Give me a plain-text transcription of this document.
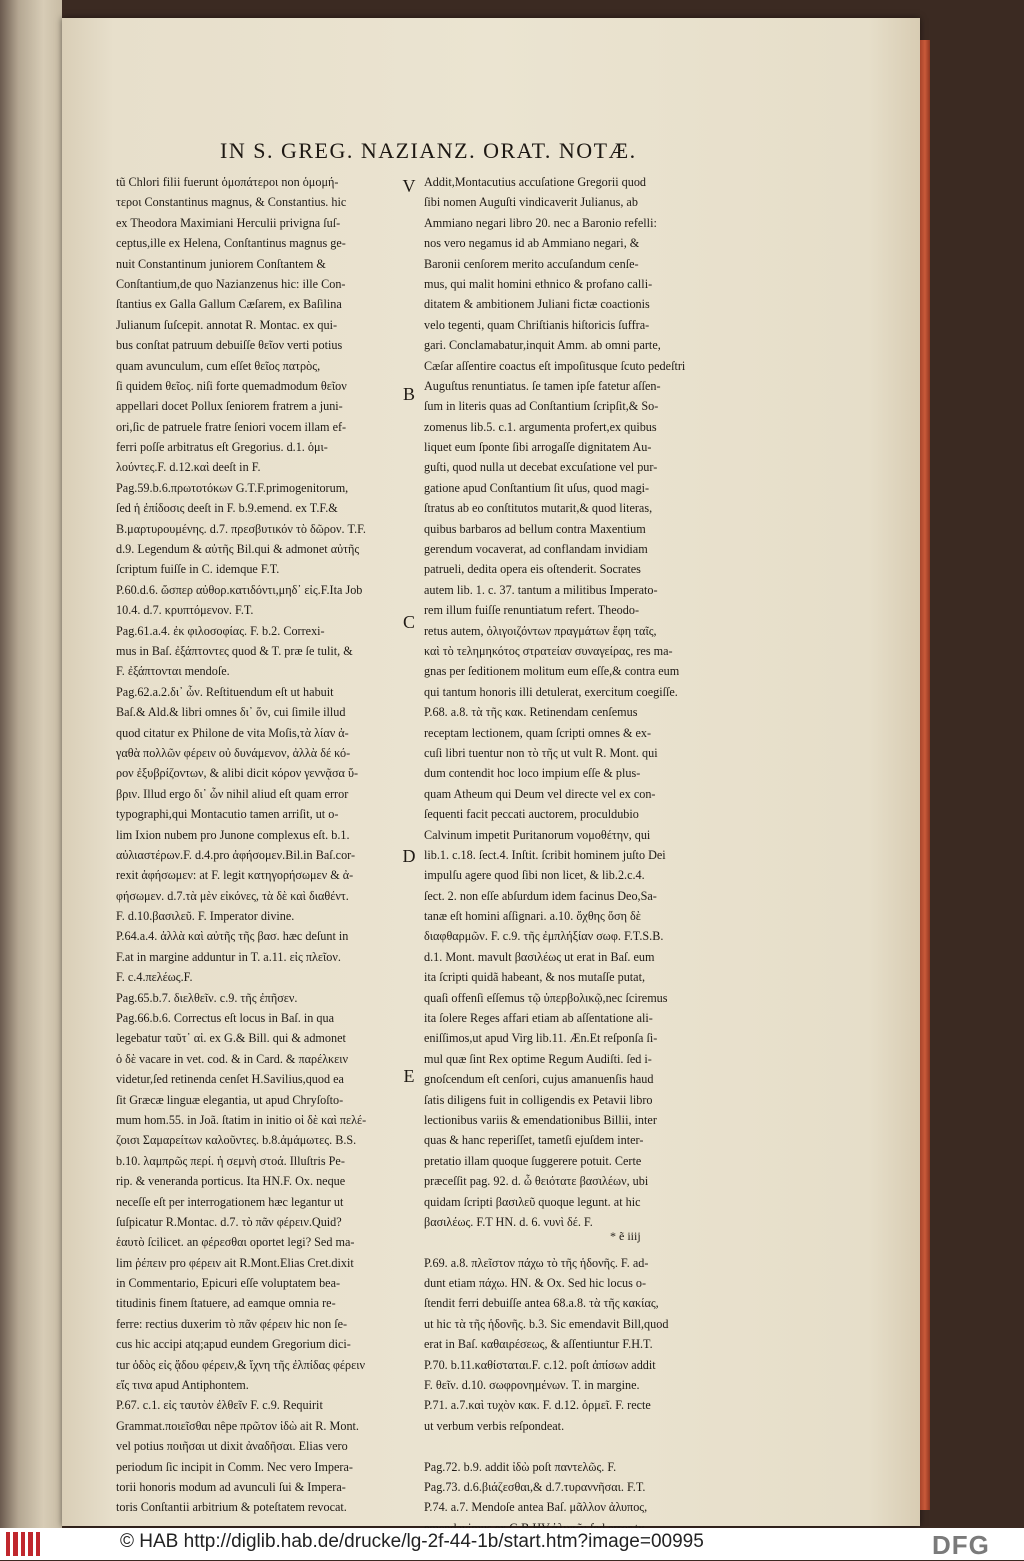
IN S. GREG. NAZIANZ. ORAT. NOTÆ.
tũ Chlori filii fuerunt ὁμοπάτεροι non ὁμομή-
τεροι Constantinus magnus, & Constantius. hic
ex Theodora Maximiani Herculii privigna ſuſ-
ceptus,ille ex Helena, Conſtantinus magnus ge-
nuit Constantinum juniorem Conſtantem &
Conſtantium,de quo Nazianzenus hic: ille Con-
ſtantius ex Galla Gallum Cæſarem, ex Baſilina
Julianum ſuſcepit. annotat R. Montac. ex qui-
bus conſtat patruum debuiſſe θεῖον verti potius
quam avunculum, cum eſſet θεῖος πατρὸς,
ſi quidem θεῖος. niſi forte quemadmodum θεῖον
appellari docet Pollux ſeniorem fratrem a juni-
ori,ſic de patruele fratre ſeniori vocem illam ef-
ferri poſſe arbitratus eſt Gregorius. d.1. ὁμι-
λούντες.F. d.12.καὶ deeſt in F.
Pag.59.b.6.πρωτοτόκων G.T.F.primogenitorum,
ſed ἡ ἐπίδοσις deeſt in F. b.9.emend. ex T.F.&
B.μαρτυρουμένης. d.7. πρεσβυτικόν τὸ δῶρον. T.F.
d.9. Legendum & αὐτῆς Bil.qui & admonet αὐτῆς
ſcriptum fuiſſe in C. idemque F.T.
P.60.d.6. ὥσπερ αὐθορ.κατιδόντι,μηδ᾽ εἰς.F.Ita Job
10.4. d.7. κρυπτόμενον. F.T.
Pag.61.a.4. ἐκ φιλοσοφίας. F. b.2. Correxi-
mus in Baſ. ἐξάπτοντες quod & T. præ ſe tulit, &
F. ἐξάπτονται mendoſe.
Pag.62.a.2.δι᾽ ὧν. Reſtituendum eſt ut habuit
Baſ.& Ald.& libri omnes δι᾽ ὅν, cui ſimile illud
quod citatur ex Philone de vita Moſis,τὰ λίαν ἀ-
γαθὰ πολλῶν φέρειν οὐ δυνάμενον, ἀλλὰ δέ κό-
ρον ἐξυβρίζοντων, & alibi dicit κόρον γεννᾷσα ὕ-
βριν. Illud ergo δι᾽ ὧν nihil aliud eſt quam error
typographi,qui Montacutio tamen arriſit, ut o-
lim Ixion nubem pro Junone complexus eſt. b.1.
αὐλιαστέρων.F. d.4.pro ἀφήσομεν.Bil.in Baſ.cor-
rexit ἀφήσωμεν: at F. legit κατηγορήσωμεν & ἀ-
φήσωμεν. d.7.τὰ μὲν εἰκόνες, τὰ δὲ καὶ διαθέντ.
F. d.10.βασιλεῦ. F. Imperator divine.
P.64.a.4. ἀλλὰ καὶ αὐτῆς τῆς βασ. hæc deſunt in
F.at in margine adduntur in T. a.11. εἰς πλεῖον.
F. c.4.πελέως.F.
Pag.65.b.7. διελθεῖν. c.9. τῆς ἐπῆσεν.
Pag.66.b.6. Correctus eſt locus in Baſ. in qua
legebatur ταῦτ᾽ αἰ. ex G.& Bill. qui & admonet
ὁ δὲ vacare in vet. cod. & in Card. & παρέλκειν
videtur,ſed retinenda cenſet H.Savilius,quod ea
ſit Græcæ linguæ elegantia, ut apud Chryſoſto-
mum hom.55. in Joã. ſtatim in initio οἱ δὲ καὶ πελέ-
ζοισι Σαμαρείτων καλοῦντες. b.8.ἀμάμωτες. B.S.
b.10. λαμπρῶς περί. ἡ σεμνὴ στοά. Illuſtris Pe-
rip. & veneranda porticus. Ita HN.F. Ox. neque
neceſſe eſt per interrogationem hæc legantur ut
ſuſpicatur R.Montac. d.7. τὸ πᾶν φέρειν.Quid?
ἑαυτὸ ſcilicet. an φέρεσθαι oportet legi? Sed ma-
lim ῥέπειν pro φέρειν ait R.Mont.Elias Cret.dixit
in Commentario, Epicuri eſſe voluptatem bea-
titudinis finem ſtatuere, ad eamque omnia re-
ferre: rectius duxerim τὸ πᾶν φέρειν hic non ſe-
cus hic accipi atq;apud eundem Gregorium dici-
tur ὁδὸς εἰς ᾅδου φέρειν,& ἴχνη τῆς ἐλπίδας φέρειν
εἴς τινα apud Antiphontem.
P.67. c.1. εἰς ταυτὸν ἐλθεῖν F. c.9. Requirit
Grammat.ποιεῖσθαι nêpe πρῶτον ἰδὼ ait R. Mont.
vel potius ποιῆσαι ut dixit ἀναδῆσαι. Elias vero
periodum ſic incipit in Comm. Nec vero Impera-
torii honoris modum ad avunculi ſui & Impera-
toris Conſtantii arbitrium & poteſtatem revocat.
Addit,Montacutius accuſatione Gregorii quod
ſibi nomen Auguſti vindicaverit Julianus, ab
Ammiano negari libro 20. nec a Baronio refelli:
nos vero negamus id ab Ammiano negari, &
Baronii cenſorem merito accuſandum cenſe-
mus, qui malit homini ethnico & profano calli-
ditatem & ambitionem Juliani fictæ coactionis
velo tegenti, quam Chriſtianis hiſtoricis ſuffra-
gari. Conclamabatur,inquit Amm. ab omni parte,
Cæſar aſſentire coactus eſt impoſitusque ſcuto pedeſtri
Auguſtus renuntiatus. ſe tamen ipſe fatetur aſſen-
ſum in literis quas ad Conſtantium ſcripſit,& So-
zomenus lib.5. c.1. argumenta profert,ex quibus
liquet eum ſponte ſibi arrogaſſe dignitatem Au-
guſti, quod nulla ut decebat excuſatione vel pur-
gatione apud Conſtantium ſit uſus, quod magi-
ſtratus ab eo conſtitutos mutarit,& quod literas,
quibus barbaros ad bellum contra Maxentium
gerendum vocaverat, ad conflandam invidiam
patrueli, dedita opera eis oſtenderit. Socrates
autem lib. 1. c. 37. tantum a militibus Imperato-
rem illum fuiſſe renuntiatum refert. Theodo-
retus autem, ὀλιγοιζόντων πραγμάτων ἔφη ταῖς,
καὶ τὸ τελημηκότος στρατείαν συναγείρας, res ma-
gnas per ſeditionem molitum eum eſſe,& contra eum
qui tantum honoris illi detulerat, exercitum coegiſſe.
P.68. a.8. τὰ τῆς κακ. Retinendam cenſemus
receptam lectionem, quam ſcripti omnes & ex-
cuſi libri tuentur non τὸ τῆς ut vult R. Mont. qui
dum contendit hoc loco impium eſſe & plus-
quam Atheum qui Deum vel directe vel ex con-
ſequenti facit peccati auctorem, proculdubio
Calvinum impetit Puritanorum νομοθέτην, qui
lib.1. c.18. ſect.4. Inſtit. ſcribit hominem juſto Dei
impulſu agere quod ſibi non licet, & lib.2.c.4.
ſect. 2. non eſſe abſurdum idem facinus Deo,Sa-
tanæ eſt homini aſſignari. a.10. ὄχθης ὅση δὲ
διαφθαρμῶν. F. c.9. τῆς ἐμπλήξίαν σωφ. F.T.S.B.
d.1. Mont. mavult βασιλέως ut erat in Baſ. eum
ita ſcripti quidã habeant, & nos mutaſſe putat,
quaſi offenſi eſſemus τῷ ὑπερβολικῷ,nec ſciremus
ita ſolere Reges affari etiam ab aſſentatione ali-
eniſſimos,ut apud Virg lib.11. Æn.Et reſponſa ſi-
mul quæ ſint Rex optime Regum Audiſti. ſed i-
gnoſcendum eſt cenſori, cujus amanuenſis haud
ſatis diligens fuit in colligendis ex Petavii libro
lectionibus variis & emendationibus Billii, inter
quas & hanc reperiſſet, tametſi ejuſdem inter-
pretatio illam quoque ſuggerere potuit. Certe
præceſſit pag. 92. d. ὦ θειότατε βασιλέων, ubi
quidam ſcripti βασιλεῦ quoque legunt. at hic
βασιλέως. F.T HN. d. 6. νυνὶ δέ. F.
P.69. a.8. πλεῖστον πάχω τὸ τῆς ἡδονῆς. F. ad-
dunt etiam πάχω. HN. & Ox. Sed hic locus o-
ſtendit ferri debuiſſe antea 68.a.8. τὰ τῆς κακίας,
ut hic τὰ τῆς ἡδονῆς. b.3. Sic emendavit Bill,quod
erat in Baſ. καθαιρέσεως, & aſſentiuntur F.H.T.
P.70. b.11.καθίσταται.F. c.12. poſt ἀπίσων addit
F. θεῖν. d.10. σωφρονημένων. T. in margine.
P.71. a.7.καὶ τυχὸν κακ. F. d.12. ὁρμεῖ. F. recte
ut verbum verbis reſpondeat.
Pag.72. b.9. addit ἰδὼ poſt παντελῶς. F.
Pag.73. d.6.βιάζεσθαι,& d.7.τυραννῆσαι. F.T.
P.74. a.7. Mendoſe antea Baſ. μᾶλλον ἀλυπος,
V
B
C
D
E
* ẽ iiij
© HAB http://diglib.hab.de/drucke/lg-2f-44-1b/start.htm?image=00995	DFG
